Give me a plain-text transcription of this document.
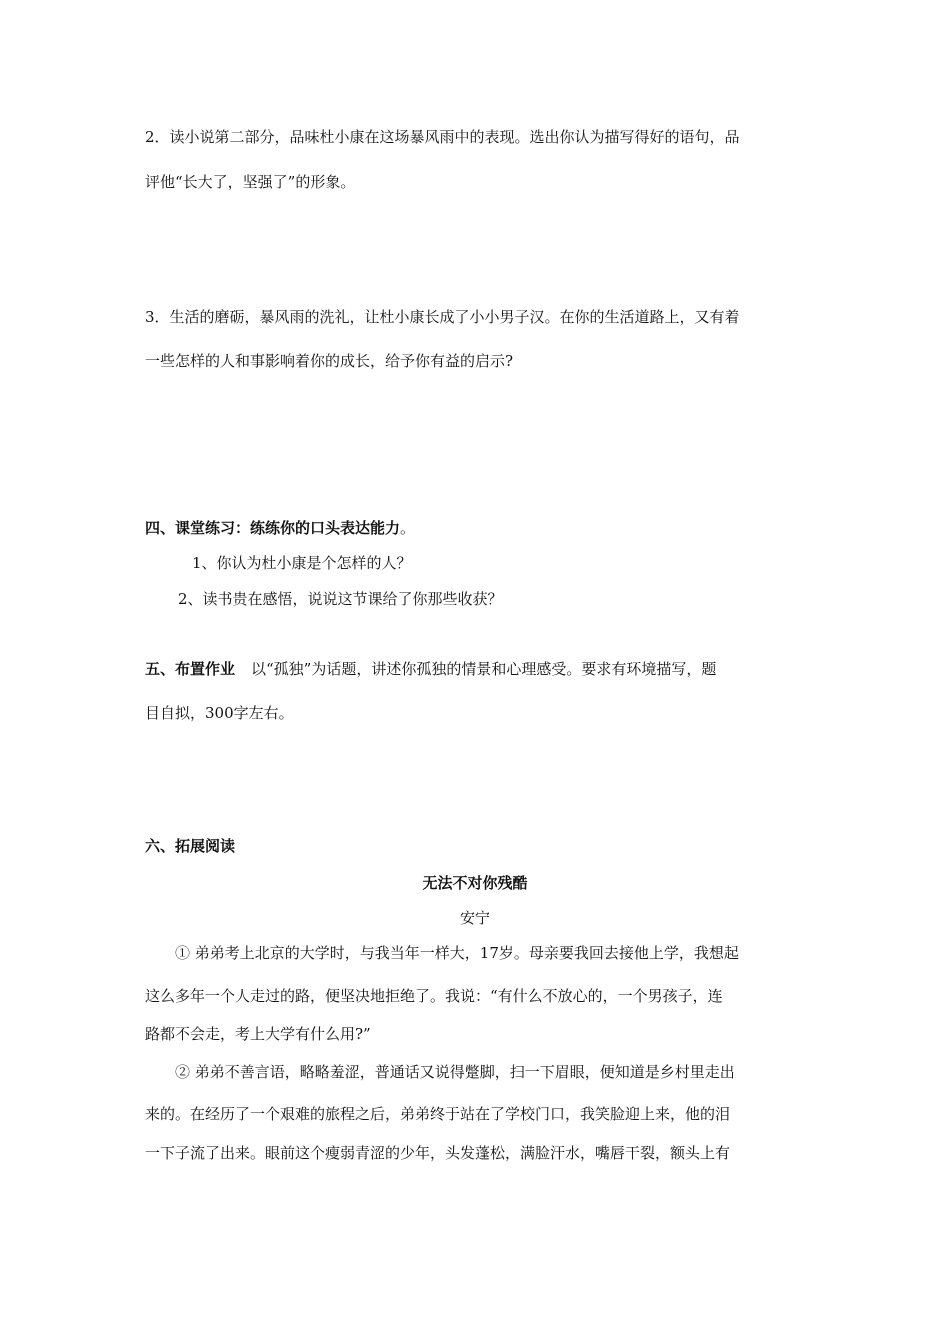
2．读小说第二部分，品味杜小康在这场暴风雨中的表现。选出你认为描写得好的语句，品
评他“长大了，坚强了”的形象。
3．生活的磨砺，暴风雨的洗礼，让杜小康长成了小小男子汉。在你的生活道路上，又有着
一些怎样的人和事影响着你的成长，给予你有益的启示?
四、课堂练习：练练你的口头表达能力。
1、你认为杜小康是个怎样的人？
2、读书贵在感悟，说说这节课给了你那些收获？
五、布置作业 以“孤独”为话题，讲述你孤独的情景和心理感受。要求有环境描写，题
目自拟，300字左右。
六、拓展阅读
无法不对你残酷
安宁
① 弟弟考上北京的大学时，与我当年一样大，17岁。母亲要我回去接他上学，我想起
这么多年一个人走过的路，便坚决地拒绝了。我说：“有什么不放心的，一个男孩子，连
路都不会走，考上大学有什么用?”
② 弟弟不善言语，略略羞涩，普通话又说得蹩脚，扫一下眉眼，便知道是乡村里走出
来的。在经历了一个艰难的旅程之后，弟弟终于站在了学校门口，我笑脸迎上来，他的泪
一下子流了出来。眼前这个瘦弱青涩的少年，头发蓬松，满脸汗水，嘴唇干裂，额头上有
